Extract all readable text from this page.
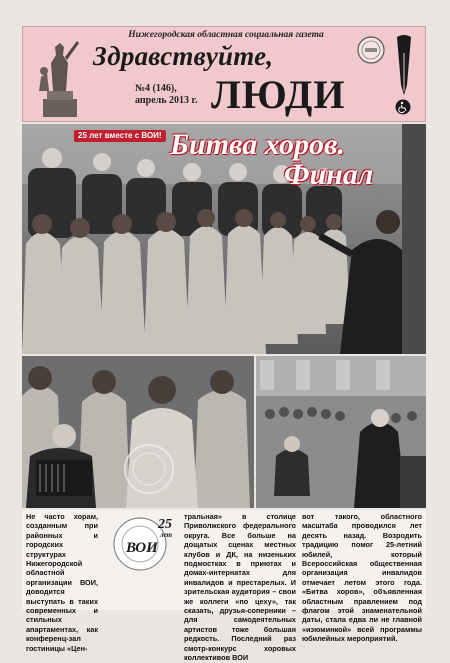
Нижегородская областная социальная газета
Здравствуйте,
№4 (146),
апрель 2013 г. ЛЮДИ
25 лет вместе с ВОИ! Битва хоров.
Финал
Не часто хорам, созданным при районных и городских структурах Нижегородской областной организации ВОИ, доводится выступать в таких современных и стильных апартаментах, как конференц-зал гостиницы «Цен-
25
лет
ВОИ
тральная» в столице Приволжского федерального округа. Все больше на дощатых сценах местных клубов и ДК, на низеньких подмостках в приютах и домах-интернатах для инвалидов и престарелых. И зрительская аудитория – свои же коллеги «по цеху», так сказать, друзья-соперники – для самодеятельных артистов тоже большая редкость. Последний раз смотр-конкурс хоровых коллективов ВОИ
вот такого, областного масштаба проводился лет десять назад. Возродить традицию помог 25-летний юбилей, который Всероссийская общественная организация инвалидов отмечает летом этого года. «Битва хоров», объявленная областным правлением под флагом этой знаменательной даты, стала едва ли не главной «изюминкой» всей программы юбилейных мероприятий.
